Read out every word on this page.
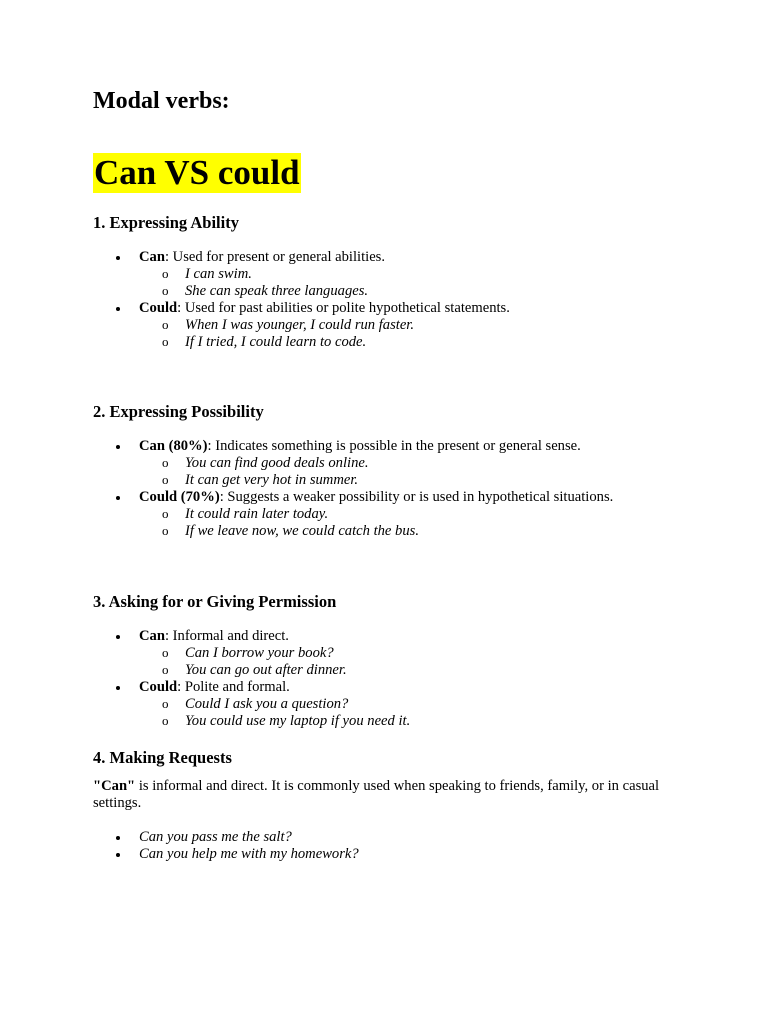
Modal verbs:
Can VS could
1. Expressing Ability
Can: Used for present or general abilities.
o I can swim.
o She can speak three languages.
Could: Used for past abilities or polite hypothetical statements.
o When I was younger, I could run faster.
o If I tried, I could learn to code.
2. Expressing Possibility
Can (80%): Indicates something is possible in the present or general sense.
o You can find good deals online.
o It can get very hot in summer.
Could (70%): Suggests a weaker possibility or is used in hypothetical situations.
o It could rain later today.
o If we leave now, we could catch the bus.
3. Asking for or Giving Permission
Can: Informal and direct.
o Can I borrow your book?
o You can go out after dinner.
Could: Polite and formal.
o Could I ask you a question?
o You could use my laptop if you need it.
4. Making Requests

"Can" is informal and direct. It is commonly used when speaking to friends, family, or in casual settings.

Can you pass me the salt?
Can you help me with my homework?
